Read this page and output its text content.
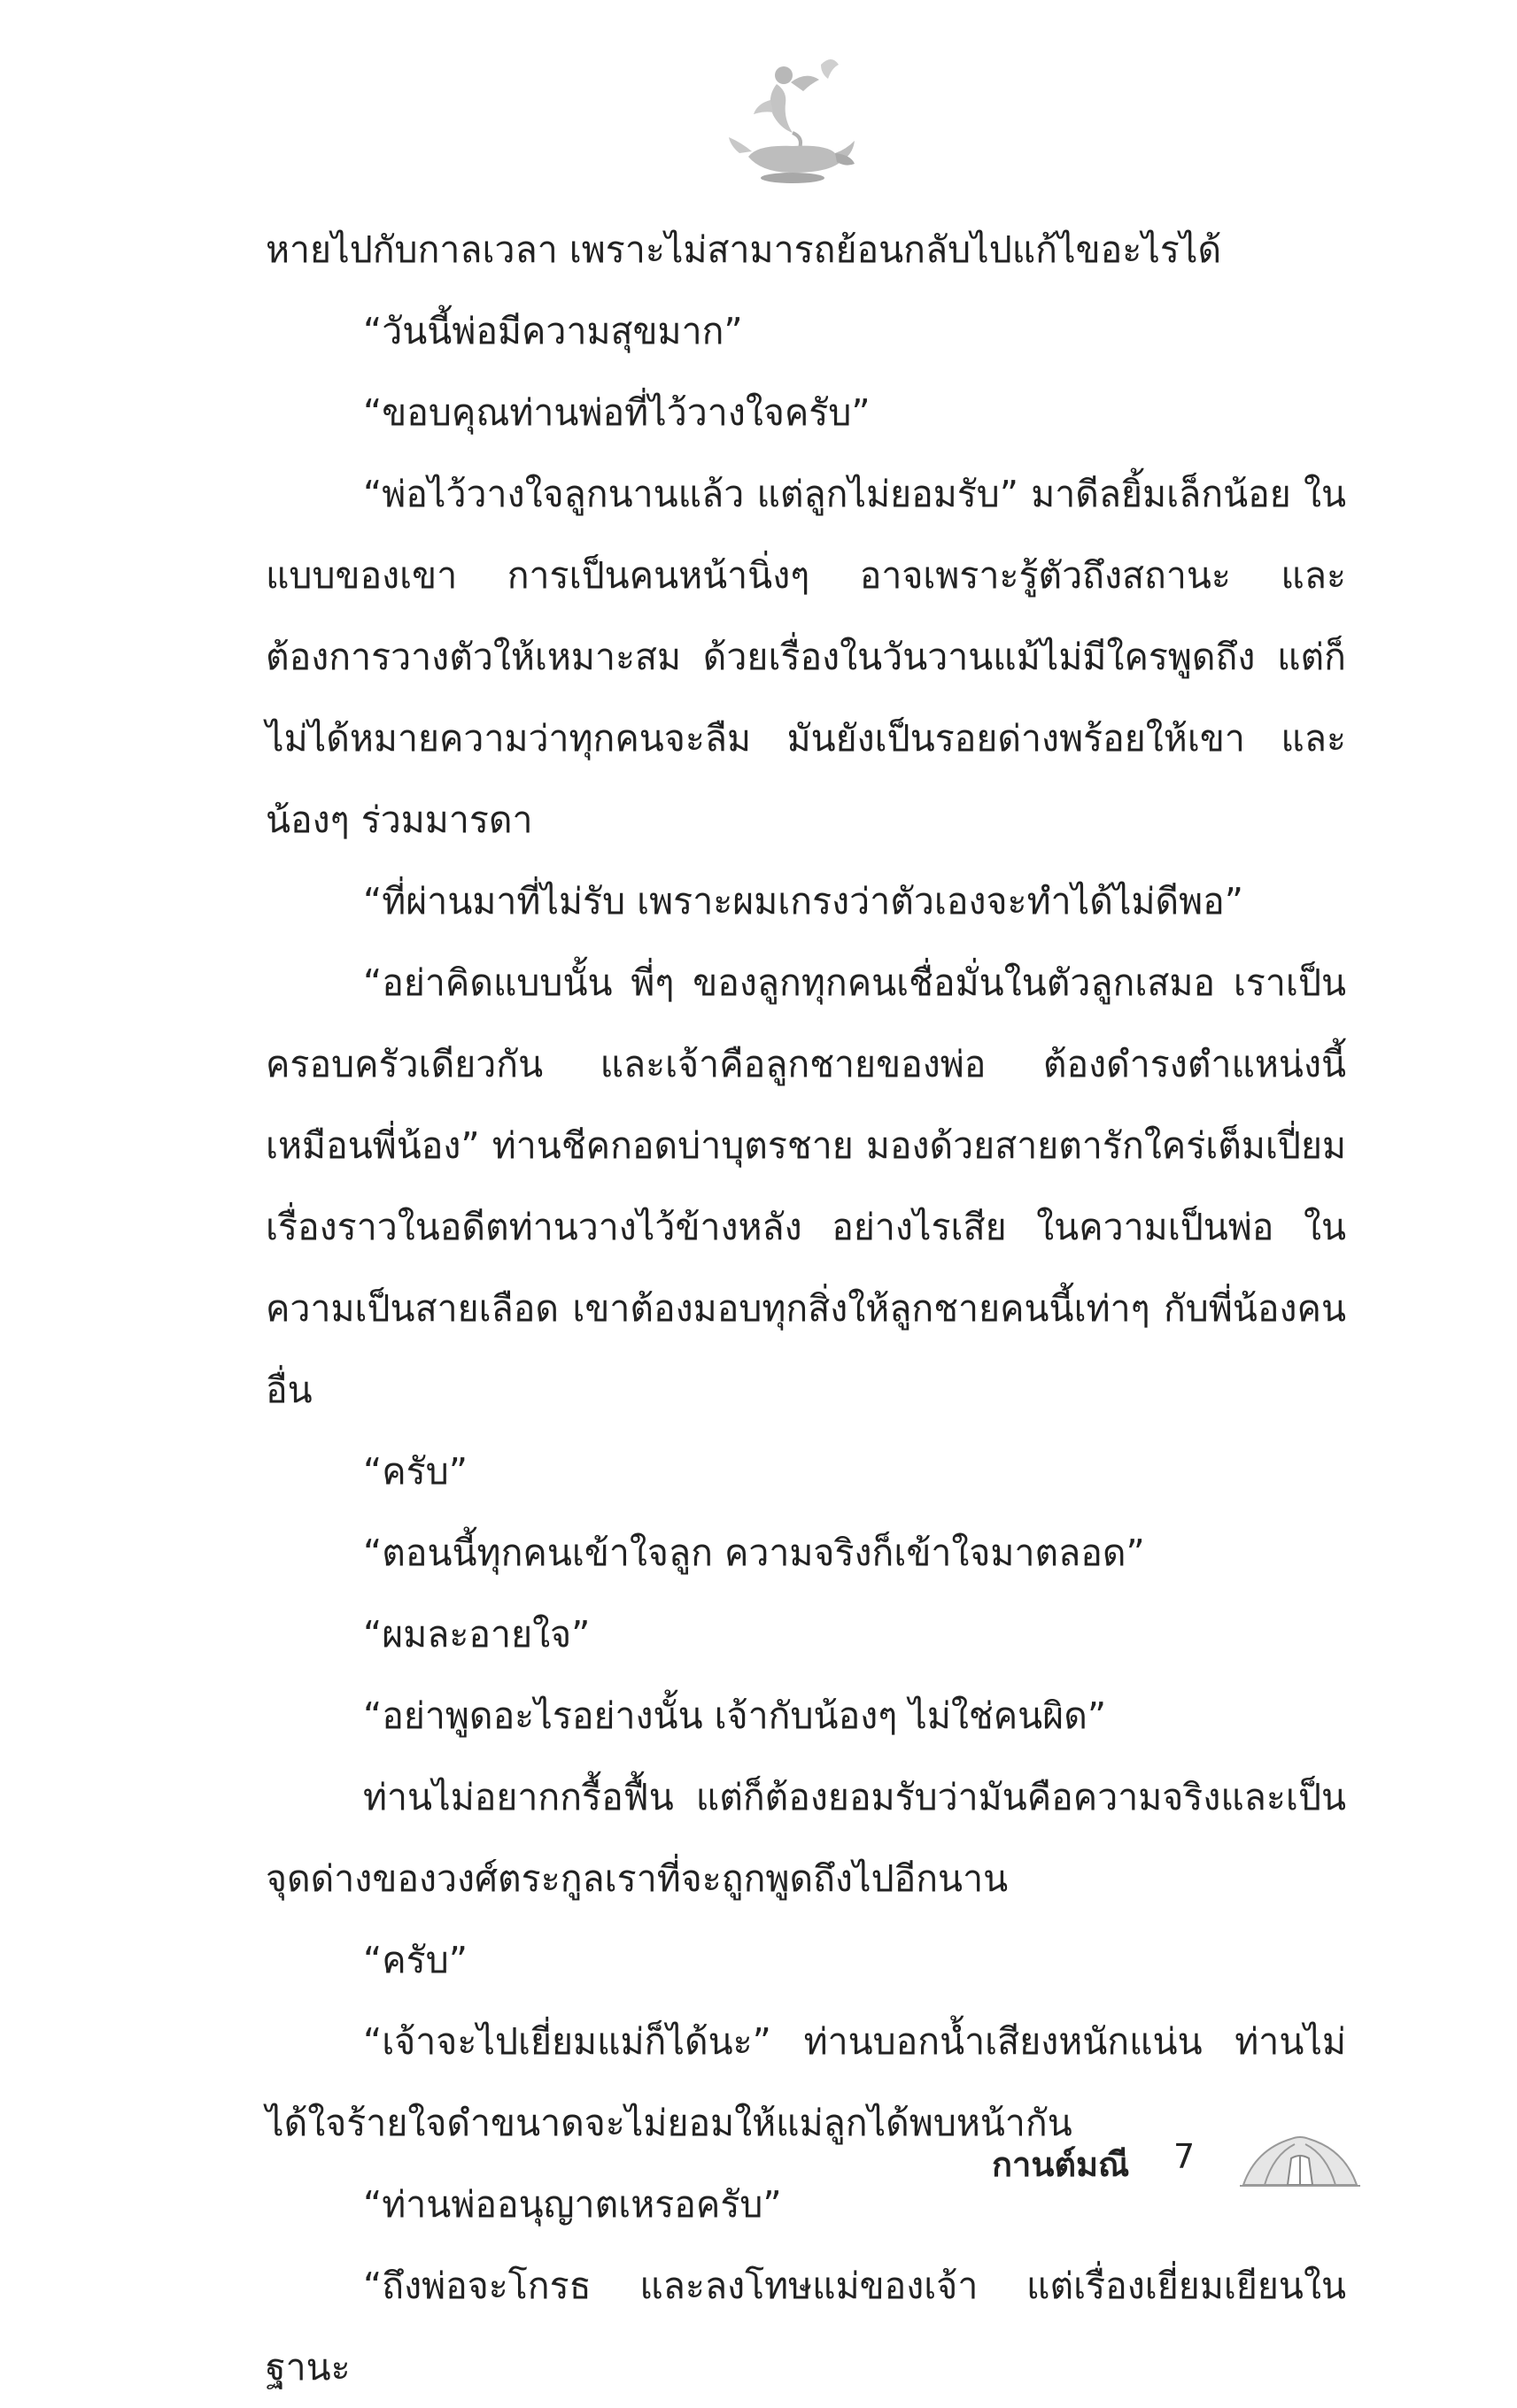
หายไปกับกาลเวลา เพราะไม่สามารถย้อนกลับไปแก้ไขอะไรได้

“วันนี้พ่อมีความสุขมาก”

“ขอบคุณท่านพ่อที่ไว้วางใจครับ”

“พ่อไว้วางใจลูกนานแล้ว แต่ลูกไม่ยอมรับ” มาดีลยิ้มเล็กน้อย ในแบบของเขา การเป็นคนหน้านิ่งๆ อาจเพราะรู้ตัวถึงสถานะ และต้องการวางตัวให้เหมาะสม ด้วยเรื่องในวันวานแม้ไม่มีใครพูดถึง แต่ก็ไม่ได้หมายความว่าทุกคนจะลืม มันยังเป็นรอยด่างพร้อยให้เขา และน้องๆ ร่วมมารดา

“ที่ผ่านมาที่ไม่รับ เพราะผมเกรงว่าตัวเองจะทำได้ไม่ดีพอ”

“อย่าคิดแบบนั้น พี่ๆ ของลูกทุกคนเชื่อมั่นในตัวลูกเสมอ เราเป็นครอบครัวเดียวกัน และเจ้าคือลูกชายของพ่อ ต้องดำรงตำแหน่งนี้เหมือนพี่น้อง” ท่านชีคกอดบ่าบุตรชาย มองด้วยสายตารักใคร่เต็มเปี่ยม เรื่องราวในอดีตท่านวางไว้ข้างหลัง อย่างไรเสีย ในความเป็นพ่อ ในความเป็นสายเลือด เขาต้องมอบทุกสิ่งให้ลูกชายคนนี้เท่าๆ กับพี่น้องคนอื่น

“ครับ”

“ตอนนี้ทุกคนเข้าใจลูก ความจริงก็เข้าใจมาตลอด”

“ผมละอายใจ”

“อย่าพูดอะไรอย่างนั้น เจ้ากับน้องๆ ไม่ใช่คนผิด”

ท่านไม่อยากกรื้อฟื้น แต่ก็ต้องยอมรับว่ามันคือความจริงและเป็นจุดด่างของวงศ์ตระกูลเราที่จะถูกพูดถึงไปอีกนาน

“ครับ”

“เจ้าจะไปเยี่ยมแม่ก็ได้นะ” ท่านบอกน้ำเสียงหนักแน่น ท่านไม่ได้ใจร้ายใจดำขนาดจะไม่ยอมให้แม่ลูกได้พบหน้ากัน

“ท่านพ่ออนุญาตเหรอครับ”

“ถึงพ่อจะโกรธ และลงโทษแม่ของเจ้า แต่เรื่องเยี่ยมเยียนในฐานะ

กานต์มณี 7
